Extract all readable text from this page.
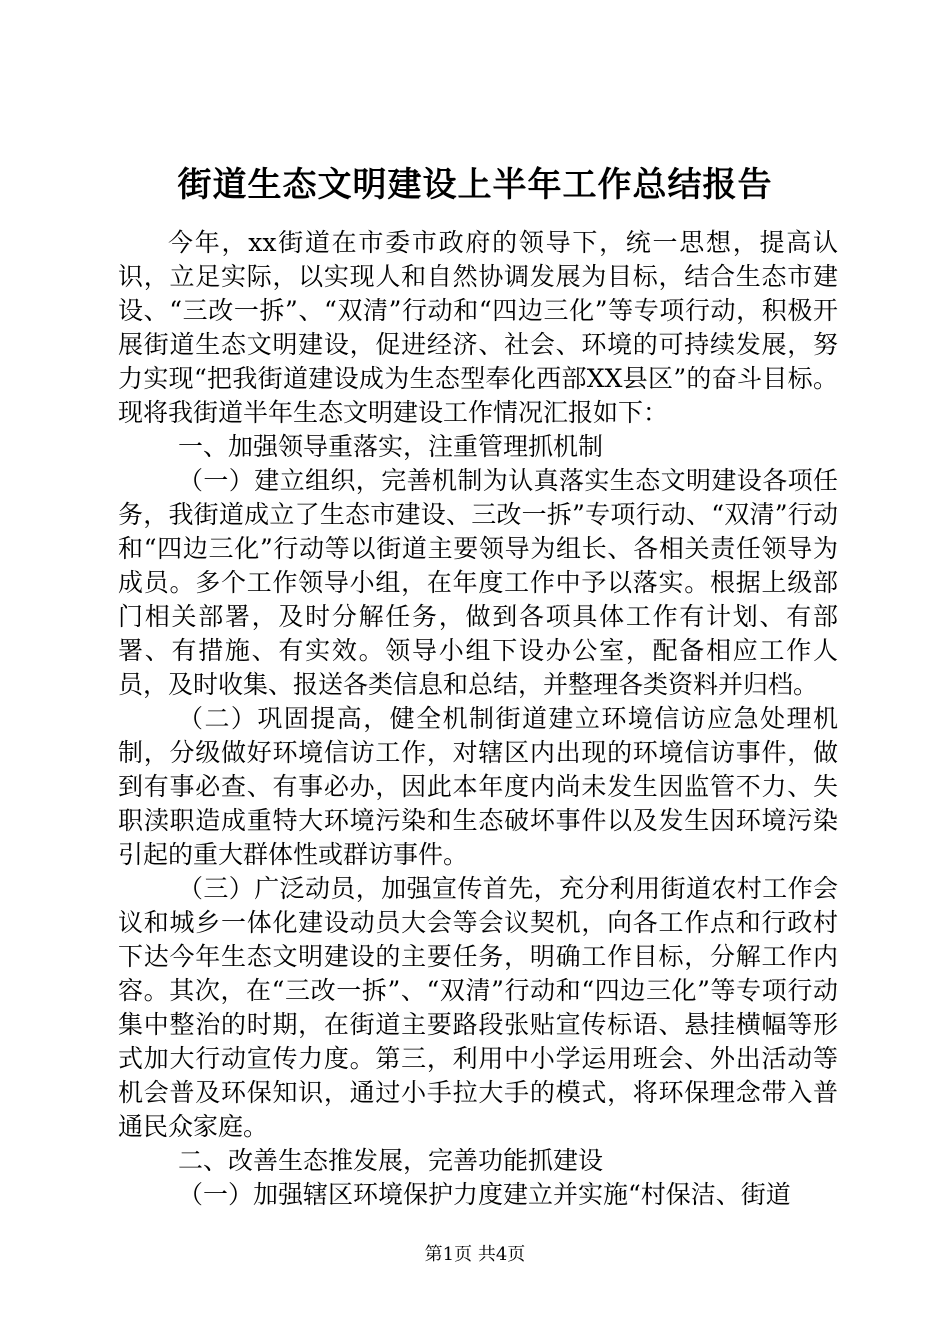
街道生态文明建设上半年工作总结报告

今年，xx街道在市委市政府的领导下，统一思想，提高认识，立足实际，以实现人和自然协调发展为目标，结合生态市建设、“三改一拆”、“双清”行动和“四边三化”等专项行动，积极开展街道生态文明建设，促进经济、社会、环境的可持续发展，努力实现“把我街道建设成为生态型奉化西部XX县区”的奋斗目标。现将我街道半年生态文明建设工作情况汇报如下：

一、加强领导重落实，注重管理抓机制

（一）建立组织，完善机制为认真落实生态文明建设各项任务，我街道成立了生态市建设、三改一拆”专项行动、“双清”行动和“四边三化”行动等以街道主要领导为组长、各相关责任领导为成员。多个工作领导小组，在年度工作中予以落实。根据上级部门相关部署，及时分解任务，做到各项具体工作有计划、有部署、有措施、有实效。领导小组下设办公室，配备相应工作人员，及时收集、报送各类信息和总结，并整理各类资料并归档。

（二）巩固提高，健全机制街道建立环境信访应急处理机制，分级做好环境信访工作，对辖区内出现的环境信访事件，做到有事必查、有事必办，因此本年度内尚未发生因监管不力、失职渎职造成重特大环境污染和生态破坏事件以及发生因环境污染引起的重大群体性或群访事件。

（三）广泛动员，加强宣传首先，充分利用街道农村工作会议和城乡一体化建设动员大会等会议契机，向各工作点和行政村下达今年生态文明建设的主要任务，明确工作目标，分解工作内容。其次，在“三改一拆”、“双清”行动和“四边三化”等专项行动集中整治的时期，在街道主要路段张贴宣传标语、悬挂横幅等形式加大行动宣传力度。第三，利用中小学运用班会、外出活动等机会普及环保知识，通过小手拉大手的模式，将环保理念带入普通民众家庭。

二、改善生态推发展，完善功能抓建设

（一）加强辖区环境保护力度建立并实施“村保洁、街道

第1页 共4页
